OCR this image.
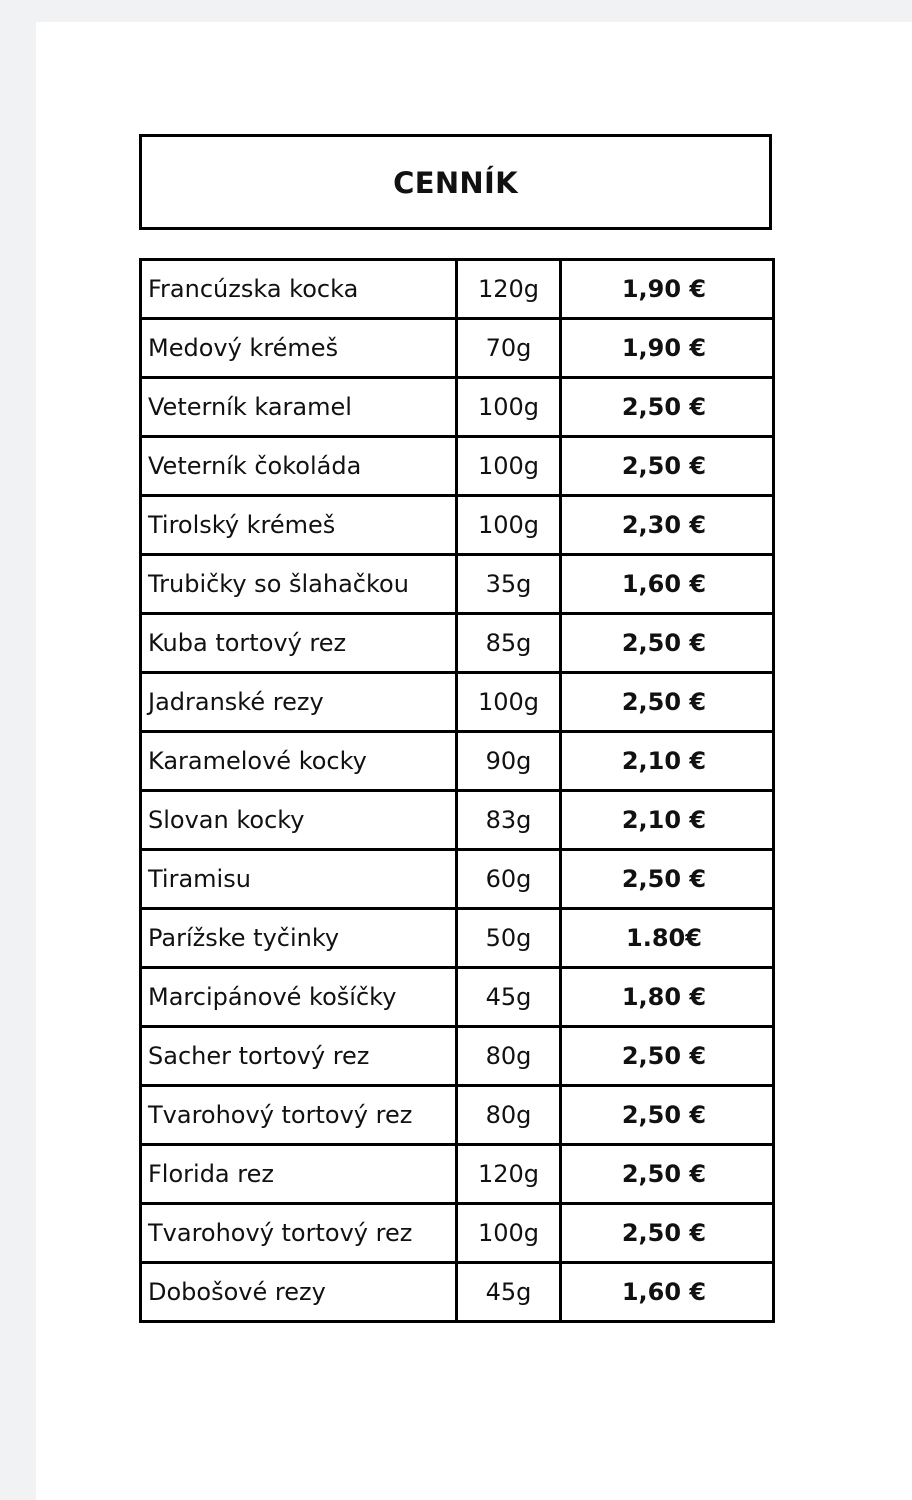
CENNÍK
Francúzska kocka	120g	1,90 €
Medový krémeš	70g	1,90 €
Veterník karamel	100g	2,50 €
Veterník čokoláda	100g	2,50 €
Tirolský krémeš	100g	2,30 €
Trubičky so šlahačkou	35g	1,60 €
Kuba tortový rez	85g	2,50 €
Jadranské rezy	100g	2,50 €
Karamelové kocky	90g	2,10 €
Slovan kocky	83g	2,10 €
Tiramisu	60g	2,50 €
Parížske tyčinky	50g	1.80€
Marcipánové košíčky	45g	1,80 €
Sacher tortový rez	80g	2,50 €
Tvarohový tortový rez	80g	2,50 €
Florida rez	120g	2,50 €
Tvarohový tortový rez	100g	2,50 €
Dobošové rezy	45g	1,60 €
